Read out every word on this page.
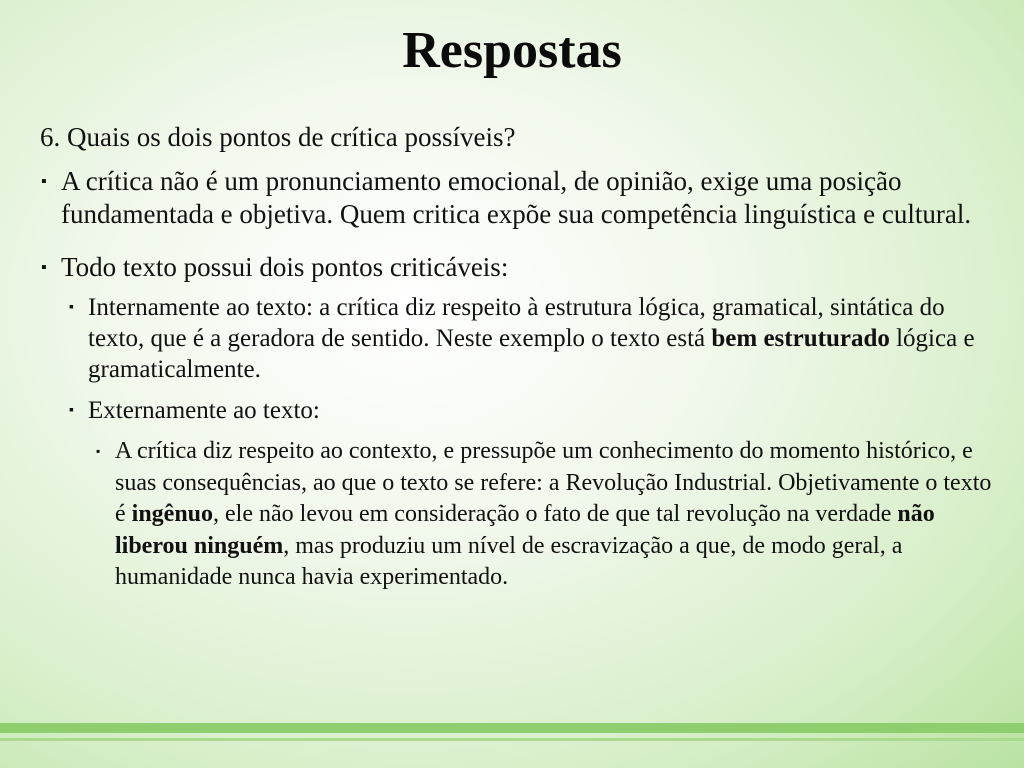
Respostas
6. Quais os dois pontos de crítica possíveis?
▪ A crítica não é um pronunciamento emocional, de opinião, exige uma posição fundamentada e objetiva. Quem critica expõe sua competência linguística e cultural.
▪ Todo texto possui dois pontos criticáveis:
▪ Internamente ao texto: a crítica diz respeito à estrutura lógica, gramatical, sintática do texto, que é a geradora de sentido. Neste exemplo o texto está bem estruturado lógica e gramaticalmente.
▪ Externamente ao texto:
▪ A crítica diz respeito ao contexto, e pressupõe um conhecimento do momento histórico, e suas consequências, ao que o texto se refere: a Revolução Industrial. Objetivamente o texto é ingênuo, ele não levou em consideração o fato de que tal revolução na verdade não liberou ninguém, mas produziu um nível de escravização a que, de modo geral, a humanidade nunca havia experimentado.
